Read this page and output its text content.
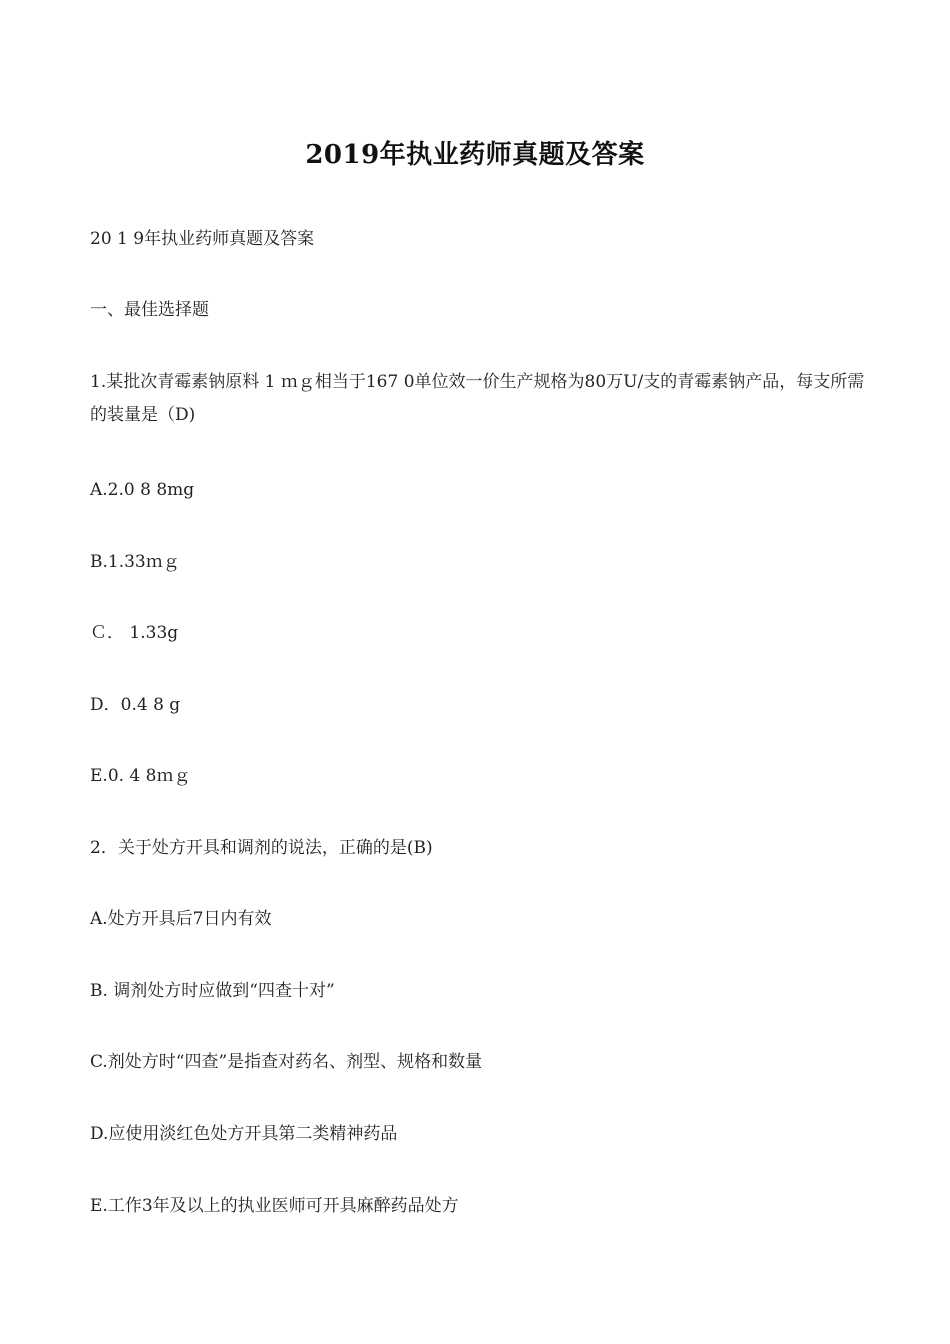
2019年执业药师真题及答案
20 1 9年执业药师真题及答案
一、最佳选择题
1.某批次青霉素钠原料 1 ｍｇ相当于167 0单位效一价生产规格为80万U/支的青霉素钠产品，每支所需的装量是（D)
A.2.0 8 8mg
B.1.33ｍｇ
Ｃ． 1.33g
D．0.4 8 g
E.0. 4 8ｍｇ
2．关于处方开具和调剂的说法，正确的是(B)
A.处方开具后7日内有效
B. 调剂处方时应做到“四查十对”
C.剂处方时“四查”是指查对药名、剂型、规格和数量
D.应使用淡红色处方开具第二类精神药品
E.工作3年及以上的执业医师可开具麻醉药品处方
